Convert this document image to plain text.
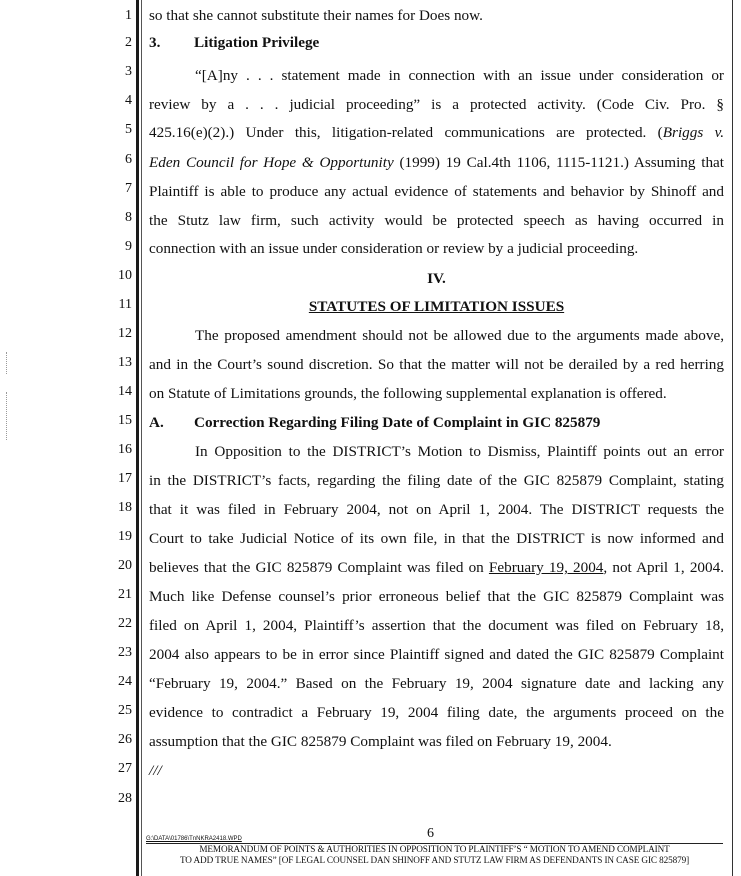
1
2
3
4
5
6
7
8
9
10
11
12
13
14
15
16
17
18
19
20
21
22
23
24
25
26
27
28
so that she cannot substitute their names for Does now.
3. Litigation Privilege
“[A]ny . . . statement made in connection with an issue under consideration or
review by a . . . judicial proceeding” is a protected activity. (Code Civ. Pro. §
425.16(e)(2).) Under this, litigation-related communications are protected. (Briggs v.
Eden Council for Hope & Opportunity (1999) 19 Cal.4th 1106, 1115-1121.) Assuming that
Plaintiff is able to produce any actual evidence of statements and behavior by Shinoff and
the Stutz law firm, such activity would be protected speech as having occurred in
connection with an issue under consideration or review by a judicial proceeding.
IV.
STATUTES OF LIMITATION ISSUES
The proposed amendment should not be allowed due to the arguments made above,
and in the Court’s sound discretion. So that the matter will not be derailed by a red herring
on Statute of Limitations grounds, the following supplemental explanation is offered.
A. Correction Regarding Filing Date of Complaint in GIC 825879
In Opposition to the DISTRICT’s Motion to Dismiss, Plaintiff points out an error
in the DISTRICT’s facts, regarding the filing date of the GIC 825879 Complaint, stating
that it was filed in February 2004, not on April 1, 2004. The DISTRICT requests the
Court to take Judicial Notice of its own file, in that the DISTRICT is now informed and
believes that the GIC 825879 Complaint was filed on February 19, 2004, not April 1, 2004.
Much like Defense counsel’s prior erroneous belief that the GIC 825879 Complaint was
filed on April 1, 2004, Plaintiff’s assertion that the document was filed on February 18,
2004 also appears to be in error since Plaintiff signed and dated the GIC 825879 Complaint
“February 19, 2004.” Based on the February 19, 2004 signature date and lacking any
evidence to contradict a February 19, 2004 filing date, the arguments proceed on the
assumption that the GIC 825879 Complaint was filed on February 19, 2004.
///
6
G:\DATA\01786\TnNKRA2418.WPD
MEMORANDUM OF POINTS & AUTHORITIES IN OPPOSITION TO PLAINTIFF’S “ MOTION TO AMEND COMPLAINT
TO ADD TRUE NAMES” [OF LEGAL COUNSEL DAN SHINOFF AND STUTZ LAW FIRM AS DEFENDANTS IN CASE GIC 825879]
